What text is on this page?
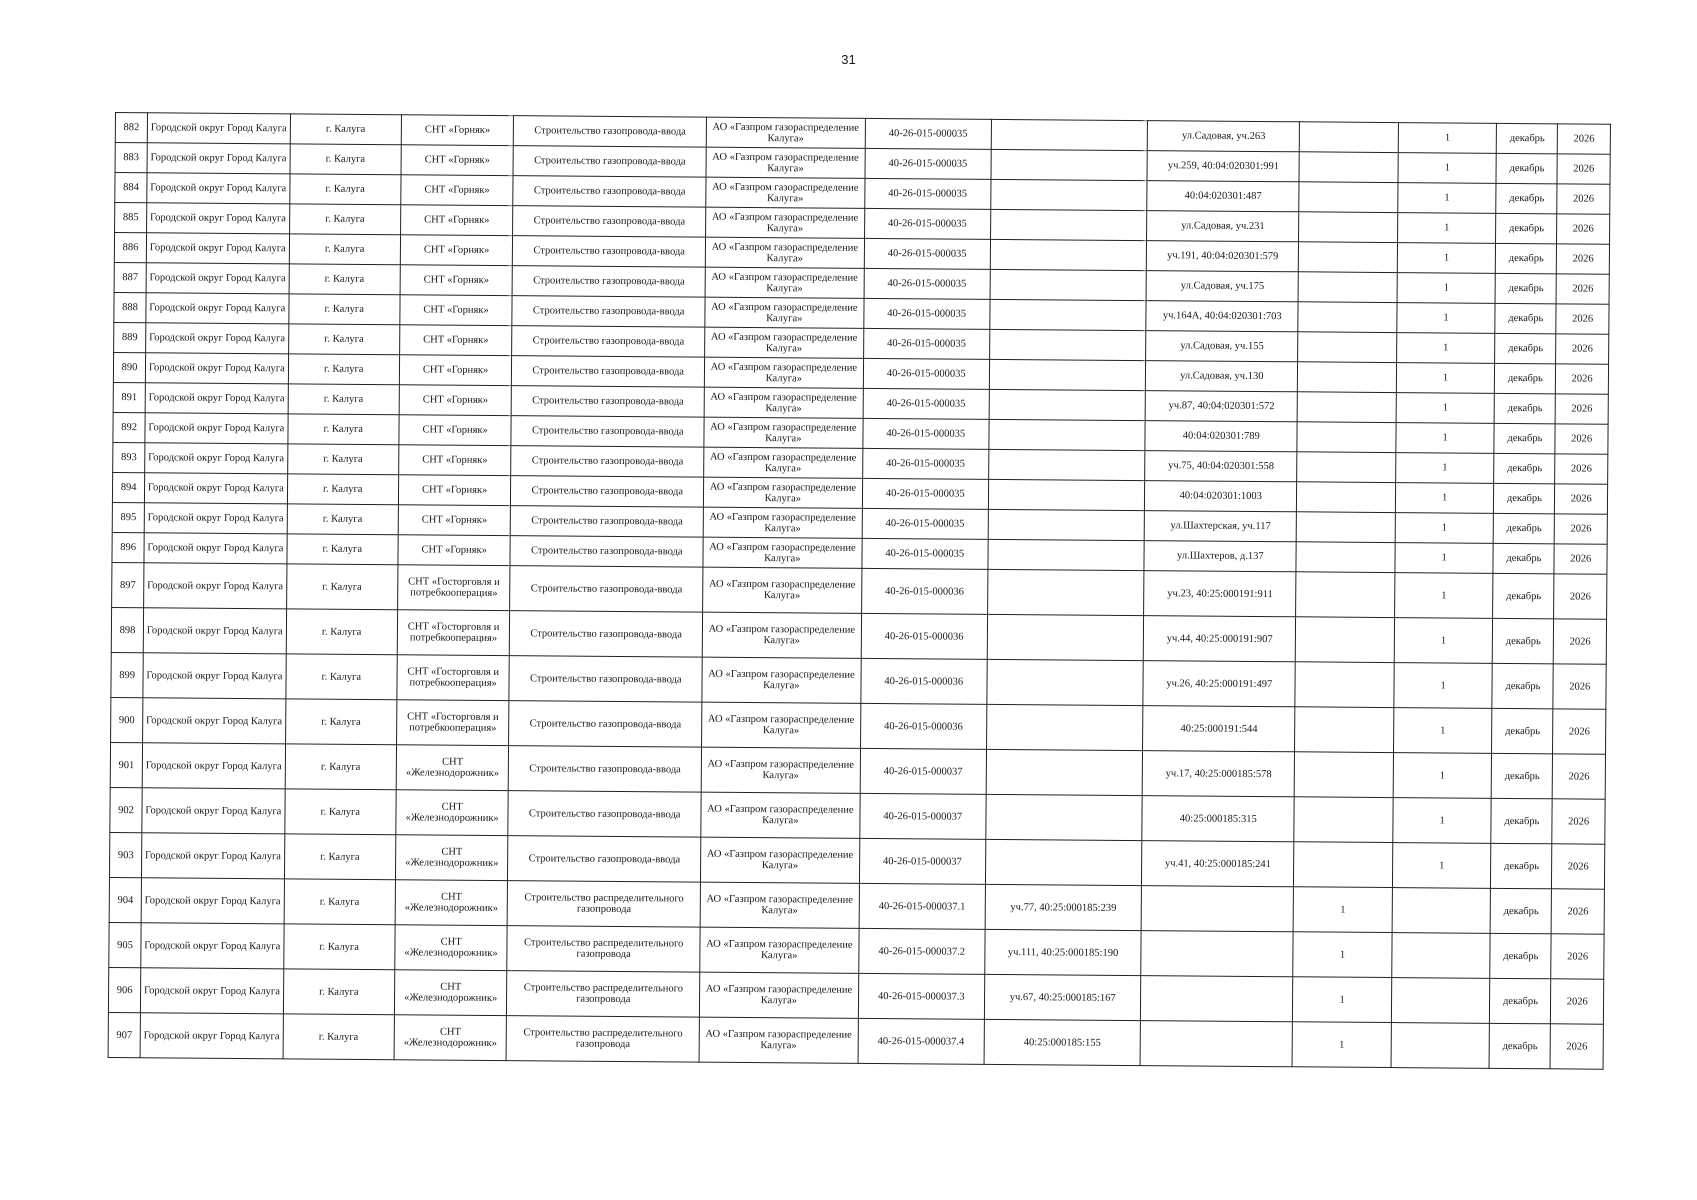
31
882	Городской округ Город Калуга	г. Калуга	СНТ «Горняк»	Строительство газопровода-ввода	АО «Газпром газораспределение Калуга»	40-26-015-000035		ул.Садовая, уч.263		1	декабрь	2026
883	Городской округ Город Калуга	г. Калуга	СНТ «Горняк»	Строительство газопровода-ввода	АО «Газпром газораспределение Калуга»	40-26-015-000035		уч.259, 40:04:020301:991		1	декабрь	2026
884	Городской округ Город Калуга	г. Калуга	СНТ «Горняк»	Строительство газопровода-ввода	АО «Газпром газораспределение Калуга»	40-26-015-000035		40:04:020301:487		1	декабрь	2026
885	Городской округ Город Калуга	г. Калуга	СНТ «Горняк»	Строительство газопровода-ввода	АО «Газпром газораспределение Калуга»	40-26-015-000035		ул.Садовая, уч.231		1	декабрь	2026
886	Городской округ Город Калуга	г. Калуга	СНТ «Горняк»	Строительство газопровода-ввода	АО «Газпром газораспределение Калуга»	40-26-015-000035		уч.191, 40:04:020301:579		1	декабрь	2026
887	Городской округ Город Калуга	г. Калуга	СНТ «Горняк»	Строительство газопровода-ввода	АО «Газпром газораспределение Калуга»	40-26-015-000035		ул.Садовая, уч.175		1	декабрь	2026
888	Городской округ Город Калуга	г. Калуга	СНТ «Горняк»	Строительство газопровода-ввода	АО «Газпром газораспределение Калуга»	40-26-015-000035		уч.164А, 40:04:020301:703		1	декабрь	2026
889	Городской округ Город Калуга	г. Калуга	СНТ «Горняк»	Строительство газопровода-ввода	АО «Газпром газораспределение Калуга»	40-26-015-000035		ул.Садовая, уч.155		1	декабрь	2026
890	Городской округ Город Калуга	г. Калуга	СНТ «Горняк»	Строительство газопровода-ввода	АО «Газпром газораспределение Калуга»	40-26-015-000035		ул.Садовая, уч.130		1	декабрь	2026
891	Городской округ Город Калуга	г. Калуга	СНТ «Горняк»	Строительство газопровода-ввода	АО «Газпром газораспределение Калуга»	40-26-015-000035		уч.87, 40:04:020301:572		1	декабрь	2026
892	Городской округ Город Калуга	г. Калуга	СНТ «Горняк»	Строительство газопровода-ввода	АО «Газпром газораспределение Калуга»	40-26-015-000035		40:04:020301:789		1	декабрь	2026
893	Городской округ Город Калуга	г. Калуга	СНТ «Горняк»	Строительство газопровода-ввода	АО «Газпром газораспределение Калуга»	40-26-015-000035		уч.75, 40:04:020301:558		1	декабрь	2026
894	Городской округ Город Калуга	г. Калуга	СНТ «Горняк»	Строительство газопровода-ввода	АО «Газпром газораспределение Калуга»	40-26-015-000035		40:04:020301:1003		1	декабрь	2026
895	Городской округ Город Калуга	г. Калуга	СНТ «Горняк»	Строительство газопровода-ввода	АО «Газпром газораспределение Калуга»	40-26-015-000035		ул.Шахтерская, уч.117		1	декабрь	2026
896	Городской округ Город Калуга	г. Калуга	СНТ «Горняк»	Строительство газопровода-ввода	АО «Газпром газораспределение Калуга»	40-26-015-000035		ул.Шахтеров, д.137		1	декабрь	2026
897	Городской округ Город Калуга	г. Калуга	СНТ «Госторговля и потребкооперация»	Строительство газопровода-ввода	АО «Газпром газораспределение Калуга»	40-26-015-000036		уч.23, 40:25:000191:911		1	декабрь	2026
898	Городской округ Город Калуга	г. Калуга	СНТ «Госторговля и потребкооперация»	Строительство газопровода-ввода	АО «Газпром газораспределение Калуга»	40-26-015-000036		уч.44, 40:25:000191:907		1	декабрь	2026
899	Городской округ Город Калуга	г. Калуга	СНТ «Госторговля и потребкооперация»	Строительство газопровода-ввода	АО «Газпром газораспределение Калуга»	40-26-015-000036		уч.26, 40:25:000191:497		1	декабрь	2026
900	Городской округ Город Калуга	г. Калуга	СНТ «Госторговля и потребкооперация»	Строительство газопровода-ввода	АО «Газпром газораспределение Калуга»	40-26-015-000036		40:25:000191:544		1	декабрь	2026
901	Городской округ Город Калуга	г. Калуга	СНТ «Железнодорожник»	Строительство газопровода-ввода	АО «Газпром газораспределение Калуга»	40-26-015-000037		уч.17, 40:25:000185:578		1	декабрь	2026
902	Городской округ Город Калуга	г. Калуга	СНТ «Железнодорожник»	Строительство газопровода-ввода	АО «Газпром газораспределение Калуга»	40-26-015-000037		40:25:000185:315		1	декабрь	2026
903	Городской округ Город Калуга	г. Калуга	СНТ «Железнодорожник»	Строительство газопровода-ввода	АО «Газпром газораспределение Калуга»	40-26-015-000037		уч.41, 40:25:000185:241		1	декабрь	2026
904	Городской округ Город Калуга	г. Калуга	СНТ «Железнодорожник»	Строительство распределительного газопровода	АО «Газпром газораспределение Калуга»	40-26-015-000037.1	уч.77, 40:25:000185:239		1		декабрь	2026
905	Городской округ Город Калуга	г. Калуга	СНТ «Железнодорожник»	Строительство распределительного газопровода	АО «Газпром газораспределение Калуга»	40-26-015-000037.2	уч.111, 40:25:000185:190		1		декабрь	2026
906	Городской округ Город Калуга	г. Калуга	СНТ «Железнодорожник»	Строительство распределительного газопровода	АО «Газпром газораспределение Калуга»	40-26-015-000037.3	уч.67, 40:25:000185:167		1		декабрь	2026
907	Городской округ Город Калуга	г. Калуга	СНТ «Железнодорожник»	Строительство распределительного газопровода	АО «Газпром газораспределение Калуга»	40-26-015-000037.4	40:25:000185:155		1		декабрь	2026
